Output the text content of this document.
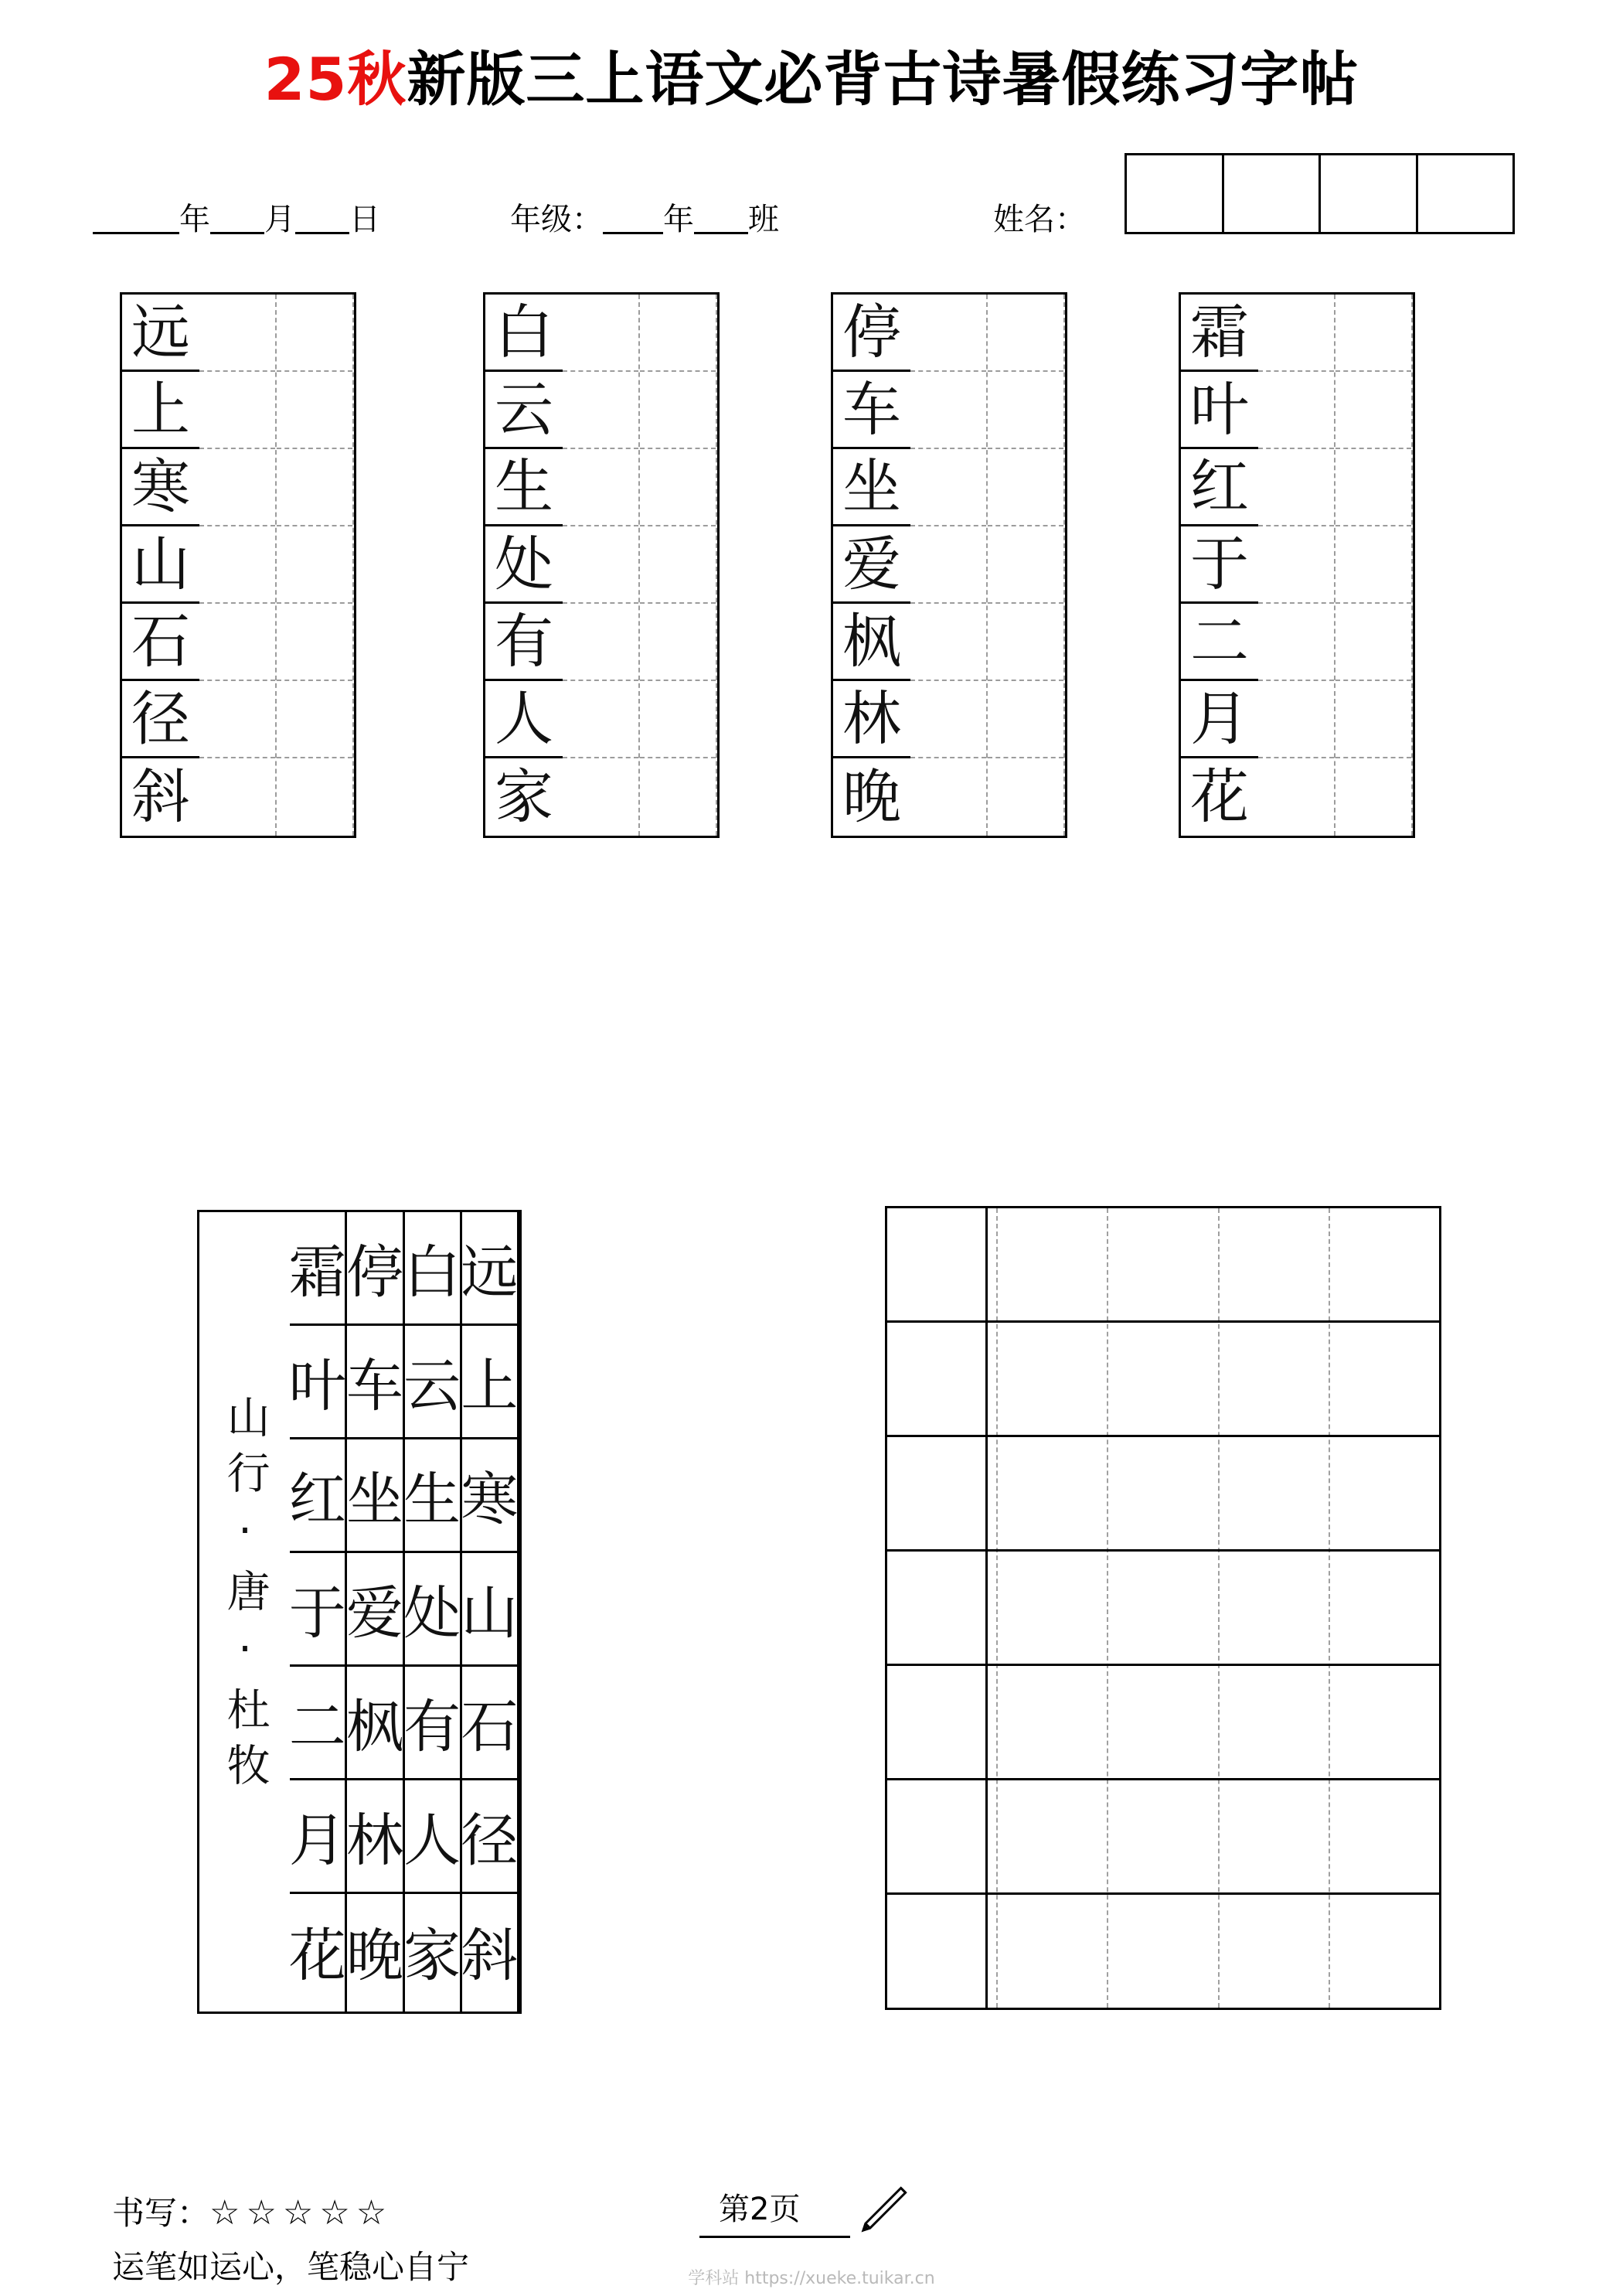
25秋新版三上语文必背古诗暑假练习字帖
年 月 日	年级： 年 班	姓名：
远
上
寒
山
石
径
斜
白
云
生
处
有
人
家
停
车
坐
爱
枫
林
晚
霜
叶
红
于
二
月
花
远
上
寒
山
石
径
斜
白
云
生
处
有
人
家
停
车
坐
爱
枫
林
晚
霜
叶
红
于
二
月
花
山行·唐·杜牧
书写：☆☆☆☆☆
运笔如运心，笔稳心自宁
第2页
学科站 https://xueke.tuikar.cn
